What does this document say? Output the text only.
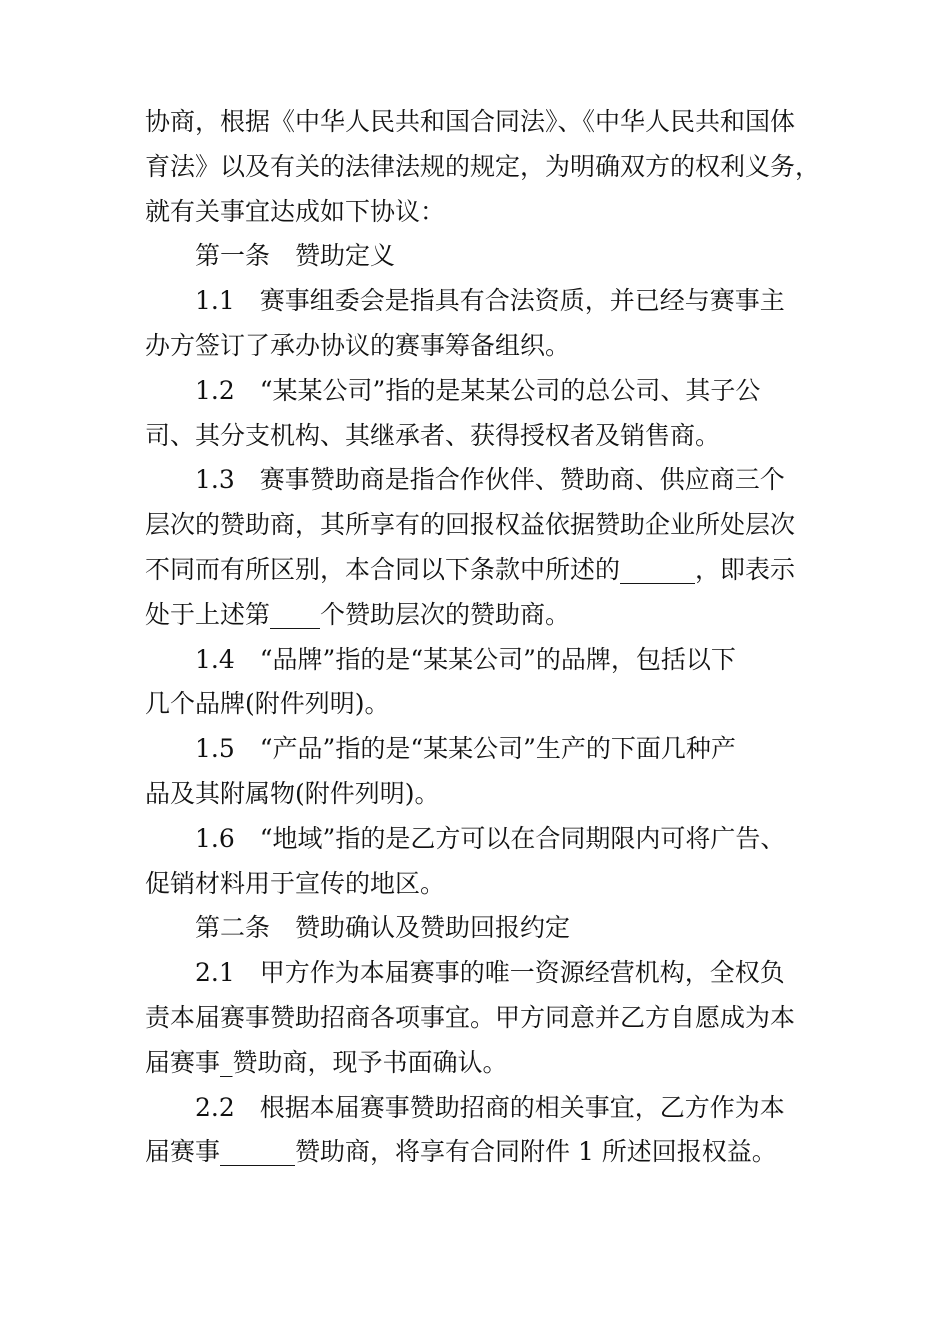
协商，根据《中华人民共和国合同法》、《中华人民共和国体
育法》以及有关的法律法规的规定，为明确双方的权利义务，
就有关事宜达成如下协议：
第一条　赞助定义
1.1　赛事组委会是指具有合法资质，并已经与赛事主
办方签订了承办协议的赛事筹备组织。
1.2　“某某公司”指的是某某公司的总公司、其子公
司、其分支机构、其继承者、获得授权者及销售商。
1.3　赛事赞助商是指合作伙伴、赞助商、供应商三个
层次的赞助商，其所享有的回报权益依据赞助企业所处层次
不同而有所区别，本合同以下条款中所述的______，即表示
处于上述第____个赞助层次的赞助商。
1.4　“品牌”指的是“某某公司”的品牌，包括以下
几个品牌(附件列明)。
1.5　“产品”指的是“某某公司”生产的下面几种产
品及其附属物(附件列明)。
1.6　“地域”指的是乙方可以在合同期限内可将广告、
促销材料用于宣传的地区。
第二条　赞助确认及赞助回报约定
2.1　甲方作为本届赛事的唯一资源经营机构，全权负
责本届赛事赞助招商各项事宜。甲方同意并乙方自愿成为本
届赛事_赞助商，现予书面确认。
2.2　根据本届赛事赞助招商的相关事宜，乙方作为本
届赛事______赞助商，将享有合同附件 1 所述回报权益。
